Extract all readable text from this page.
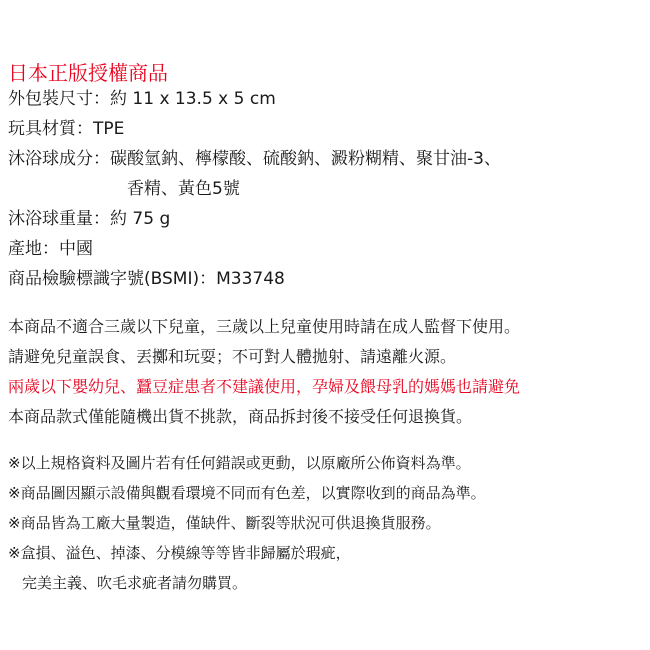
日本正版授權商品
外包裝尺寸：約 11 x 13.5 x 5 cm
玩具材質：TPE
沐浴球成分：碳酸氫鈉、檸檬酸、硫酸鈉、澱粉糊精、聚甘油-3、
香精、黃色5號
沐浴球重量：約 75 g
產地：中國
商品檢驗標識字號(BSMI)：M33748
本商品不適合三歲以下兒童，三歲以上兒童使用時請在成人監督下使用。
請避免兒童誤食、丟擲和玩耍；不可對人體拋射、請遠離火源。
兩歲以下嬰幼兒、蠶豆症患者不建議使用，孕婦及餵母乳的媽媽也請避免
本商品款式僅能隨機出貨不挑款，商品拆封後不接受任何退換貨。
※以上規格資料及圖片若有任何錯誤或更動，以原廠所公佈資料為準。
※商品圖因顯示設備與觀看環境不同而有色差，以實際收到的商品為準。
※商品皆為工廠大量製造，僅缺件、斷裂等狀況可供退換貨服務。
※盒損、溢色、掉漆、分模線等等皆非歸屬於瑕疵，
完美主義、吹毛求疵者請勿購買。
